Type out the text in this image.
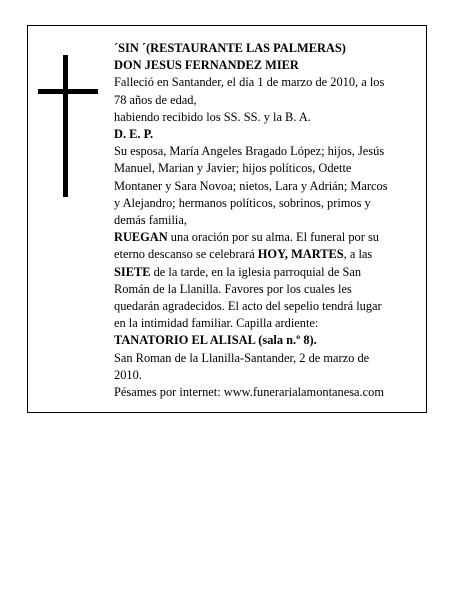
´SIN ´(RESTAURANTE LAS PALMERAS)

DON JESUS FERNANDEZ MIER

Falleció en Santander, el día 1 de marzo de 2010, a los

78 años de edad,

habiendo recibido los SS. SS. y la B. A.

D. E. P.

Su esposa, María Angeles Bragado López; hijos, Jesús

Manuel, Marian y Javier; hijos políticos, Odette

Montaner y Sara Novoa; nietos, Lara y Adrián; Marcos

y Alejandro; hermanos políticos, sobrinos, primos y

demás familia,

RUEGAN una oración por su alma. El funeral por su

eterno descanso se celebrará HOY, MARTES, a las

SIETE de la tarde, en la iglesia parroquial de San

Román de la Llanilla. Favores por los cuales les

quedarán agradecidos. El acto del sepelio tendrá lugar

en la intimidad familiar. Capilla ardiente:

TANATORIO EL ALISAL (sala n.º 8).

San Roman de la Llanilla-Santander, 2 de marzo de

2010.

Pésames por internet: www.funerarialamontanesa.com
